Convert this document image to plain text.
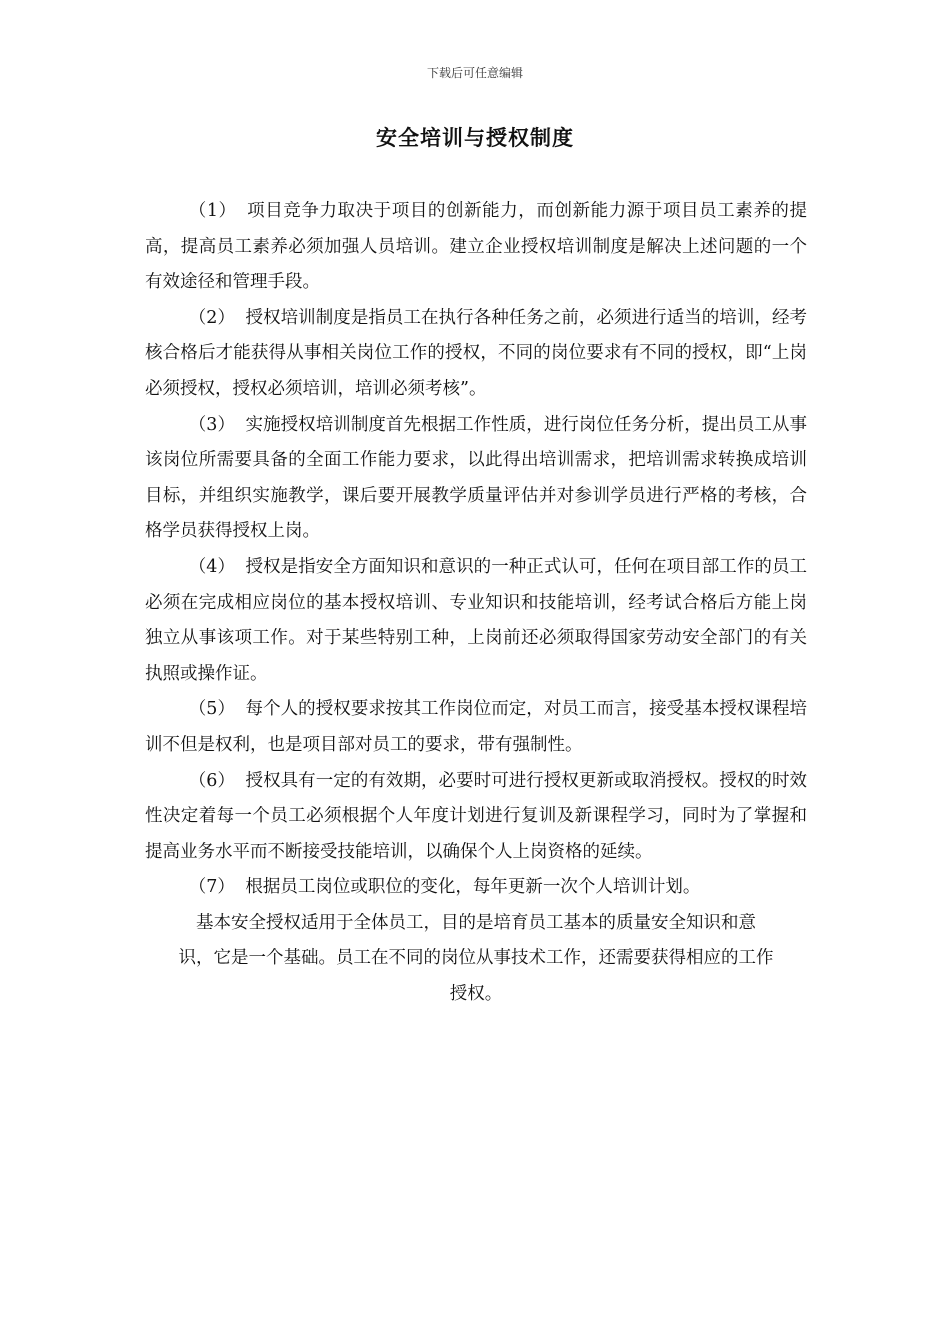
下载后可任意编辑
安全培训与授权制度

（1） 项目竞争力取决于项目的创新能力，而创新能力源于项目员工素养的提高，提高员工素养必须加强人员培训。建立企业授权培训制度是解决上述问题的一个有效途径和管理手段。

（2） 授权培训制度是指员工在执行各种任务之前，必须进行适当的培训，经考核合格后才能获得从事相关岗位工作的授权，不同的岗位要求有不同的授权，即“上岗必须授权，授权必须培训，培训必须考核”。

（3） 实施授权培训制度首先根据工作性质，进行岗位任务分析，提出员工从事该岗位所需要具备的全面工作能力要求，以此得出培训需求，把培训需求转换成培训目标，并组织实施教学，课后要开展教学质量评估并对参训学员进行严格的考核，合格学员获得授权上岗。

（4） 授权是指安全方面知识和意识的一种正式认可，任何在项目部工作的员工必须在完成相应岗位的基本授权培训、专业知识和技能培训，经考试合格后方能上岗独立从事该项工作。对于某些特别工种，上岗前还必须取得国家劳动安全部门的有关执照或操作证。

（5） 每个人的授权要求按其工作岗位而定，对员工而言，接受基本授权课程培训不但是权利，也是项目部对员工的要求，带有强制性。

（6） 授权具有一定的有效期，必要时可进行授权更新或取消授权。授权的时效性决定着每一个员工必须根据个人年度计划进行复训及新课程学习，同时为了掌握和提高业务水平而不断接受技能培训，以确保个人上岗资格的延续。

（7） 根据员工岗位或职位的变化，每年更新一次个人培训计划。

基本安全授权适用于全体员工，目的是培育员工基本的质量安全知识和意
识，它是一个基础。员工在不同的岗位从事技术工作，还需要获得相应的工作
授权。
